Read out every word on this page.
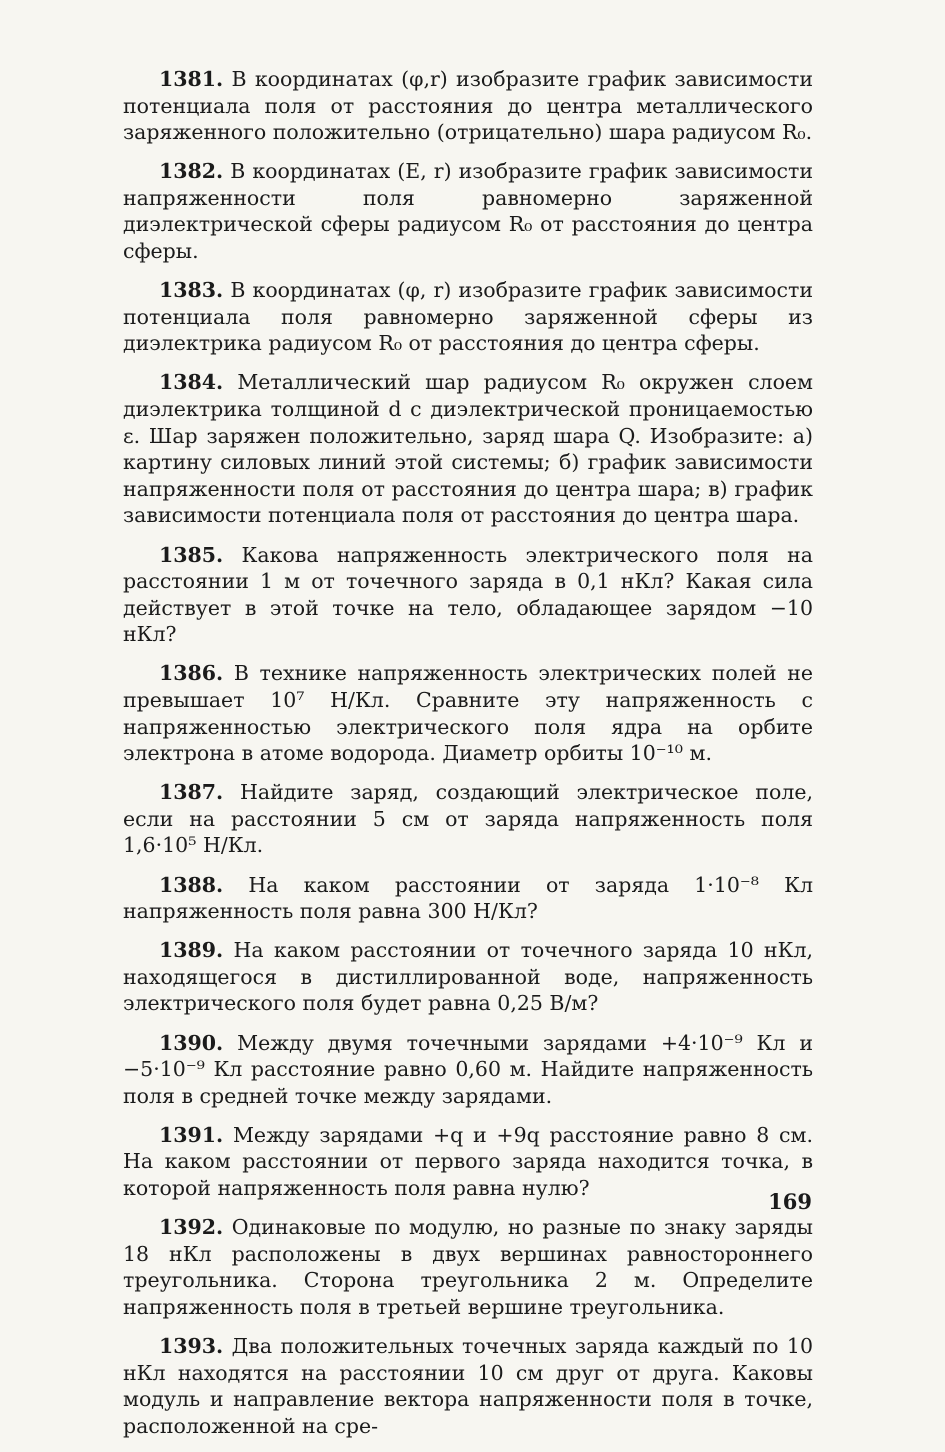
1381. В координатах (φ,r) изобразите график зависимости потенциала поля от расстояния до центра металлического заряженного положительно (отрицательно) шара радиусом R₀.

1382. В координатах (E, r) изобразите график зависимости напряженности поля равномерно заряженной диэлектрической сферы радиусом R₀ от расстояния до центра сферы.

1383. В координатах (φ, r) изобразите график зависимости потенциала поля равномерно заряженной сферы из диэлектрика радиусом R₀ от расстояния до центра сферы.

1384. Металлический шар радиусом R₀ окружен слоем диэлектрика толщиной d с диэлектрической проницаемостью ε. Шар заряжен положительно, заряд шара Q. Изобразите: а) картину силовых линий этой системы; б) график зависимости напряженности поля от расстояния до центра шара; в) график зависимости потенциала поля от расстояния до центра шара.

1385. Какова напряженность электрического поля на расстоянии 1 м от точечного заряда в 0,1 нКл? Какая сила действует в этой точке на тело, обладающее зарядом −10 нКл?

1386. В технике напряженность электрических полей не превышает 10⁷ Н/Кл. Сравните эту напряженность с напряженностью электрического поля ядра на орбите электрона в атоме водорода. Диаметр орбиты 10⁻¹⁰ м.

1387. Найдите заряд, создающий электрическое поле, если на расстоянии 5 см от заряда напряженность поля 1,6·10⁵ Н/Кл.

1388. На каком расстоянии от заряда 1·10⁻⁸ Кл напряженность поля равна 300 Н/Кл?

1389. На каком расстоянии от точечного заряда 10 нКл, находящегося в дистиллированной воде, напряженность электрического поля будет равна 0,25 В/м?

1390. Между двумя точечными зарядами +4·10⁻⁹ Кл и −5·10⁻⁹ Кл расстояние равно 0,60 м. Найдите напряженность поля в средней точке между зарядами.

1391. Между зарядами +q и +9q расстояние равно 8 см. На каком расстоянии от первого заряда находится точка, в которой напряженность поля равна нулю?

1392. Одинаковые по модулю, но разные по знаку заряды 18 нКл расположены в двух вершинах равностороннего треугольника. Сторона треугольника 2 м. Определите напряженность поля в третьей вершине треугольника.

1393. Два положительных точечных заряда каждый по 10 нКл находятся на расстоянии 10 см друг от друга. Каковы модуль и направление вектора напряженности поля в точке, расположенной на сре-

169
